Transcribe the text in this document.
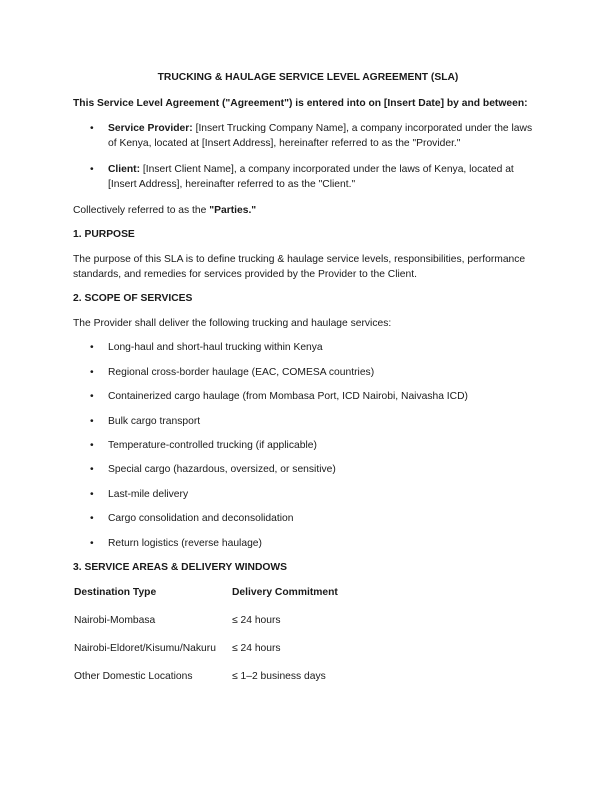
TRUCKING & HAULAGE SERVICE LEVEL AGREEMENT (SLA)
This Service Level Agreement ("Agreement") is entered into on [Insert Date] by and between:
• Service Provider: [Insert Trucking Company Name], a company incorporated under the laws of Kenya, located at [Insert Address], hereinafter referred to as the "Provider."
• Client: [Insert Client Name], a company incorporated under the laws of Kenya, located at [Insert Address], hereinafter referred to as the "Client."

Collectively referred to as the "Parties."

1. PURPOSE

The purpose of this SLA is to define trucking & haulage service levels, responsibilities, performance standards, and remedies for services provided by the Provider to the Client.

2. SCOPE OF SERVICES

The Provider shall deliver the following trucking and haulage services:

• Long-haul and short-haul trucking within Kenya
• Regional cross-border haulage (EAC, COMESA countries)
• Containerized cargo haulage (from Mombasa Port, ICD Nairobi, Naivasha ICD)
• Bulk cargo transport
• Temperature-controlled trucking (if applicable)
• Special cargo (hazardous, oversized, or sensitive)
• Last-mile delivery
• Cargo consolidation and deconsolidation
• Return logistics (reverse haulage)
3. SERVICE AREAS & DELIVERY WINDOWS
Destination Type	Delivery Commitment
Nairobi-Mombasa	≤ 24 hours
Nairobi-Eldoret/Kisumu/Nakuru	≤ 24 hours
Other Domestic Locations	≤ 1–2 business days
